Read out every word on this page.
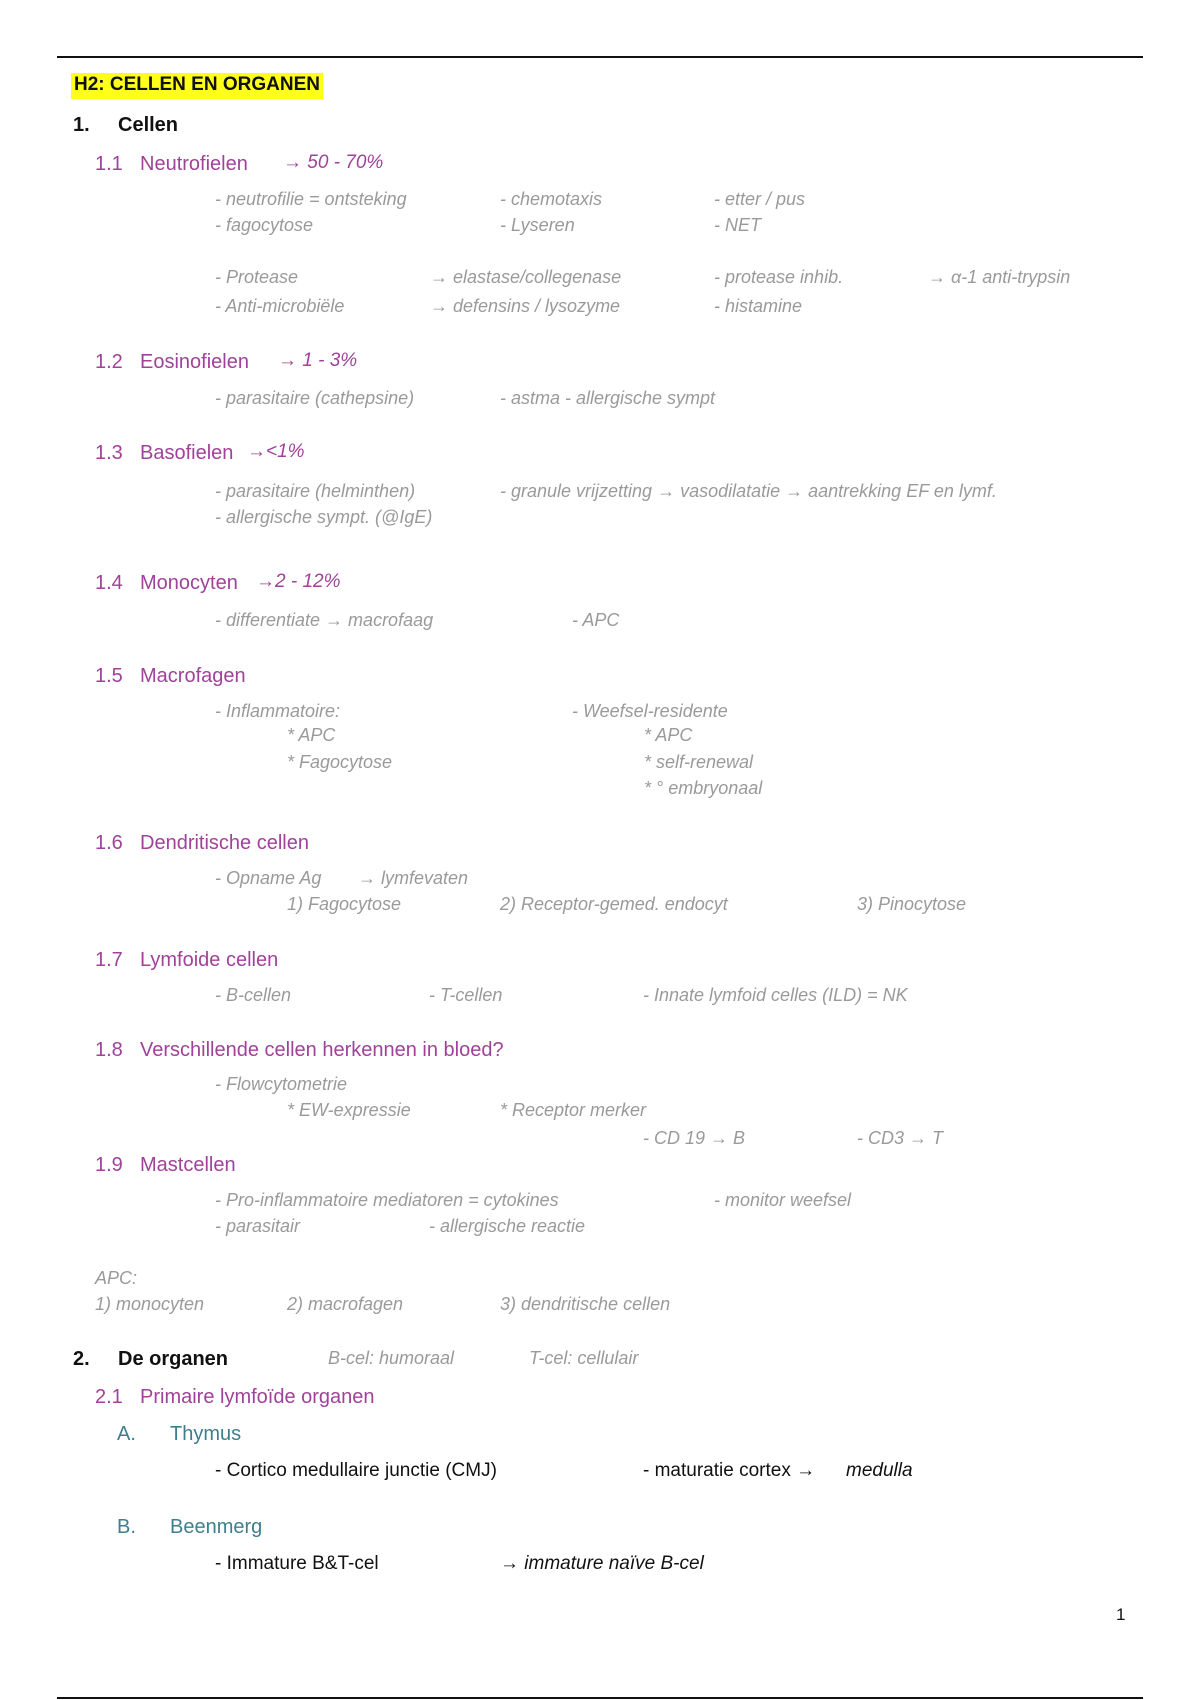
H2: CELLEN EN ORGANEN
1. Cellen
1.1 Neutrofielen → 50 - 70%
- neutrofilie = ontsteking	- chemotaxis	- etter / pus
- fagocytose	- Lyseren	- NET
- Protease	→ elastase/collegenase	- protease inhib.	→ α-1 anti-trypsin
- Anti-microbiële	→ defensins / lysozyme	- histamine
1.2 Eosinofielen → 1 - 3%
- parasitaire (cathepsine)	- astma - allergische sympt
1.3 Basofielen →<1%
- parasitaire (helminthen)	- granule vrijzetting → vasodilatatie → aantrekking EF en lymf.
- allergische sympt. (@IgE)
1.4 Monocyten →2 - 12%
- differentiate → macrofaag	- APC
1.5 Macrofagen
- Inflammatoire:
* APC
* Fagocytose
- Weefsel-residente
* APC
* self-renewal
* ° embryonaal
1.6 Dendritische cellen
- Opname Ag → lymfevaten
1) Fagocytose	2) Receptor-gemed. endocyt	3) Pinocytose
1.7 Lymfoide cellen
- B-cellen	- T-cellen	- Innate lymfoid celles (ILD) = NK
1.8 Verschillende cellen herkennen in bloed?
- Flowcytometrie
* EW-expressie	* Receptor merker
- CD 19 → B	- CD3 → T
1.9 Mastcellen
- Pro-inflammatoire mediatoren = cytokines	- monitor weefsel
- parasitair	- allergische reactie
APC:
1) monocyten	2) macrofagen	3) dendritische cellen
2. De organen	B-cel: humoraal	T-cel: cellulair
2.1 Primaire lymfoïde organen
A. Thymus
- Cortico medullaire junctie (CMJ)	- maturatie cortex → medulla
B. Beenmerg
- Immature B&T-cel	→ immature naïve B-cel
1
